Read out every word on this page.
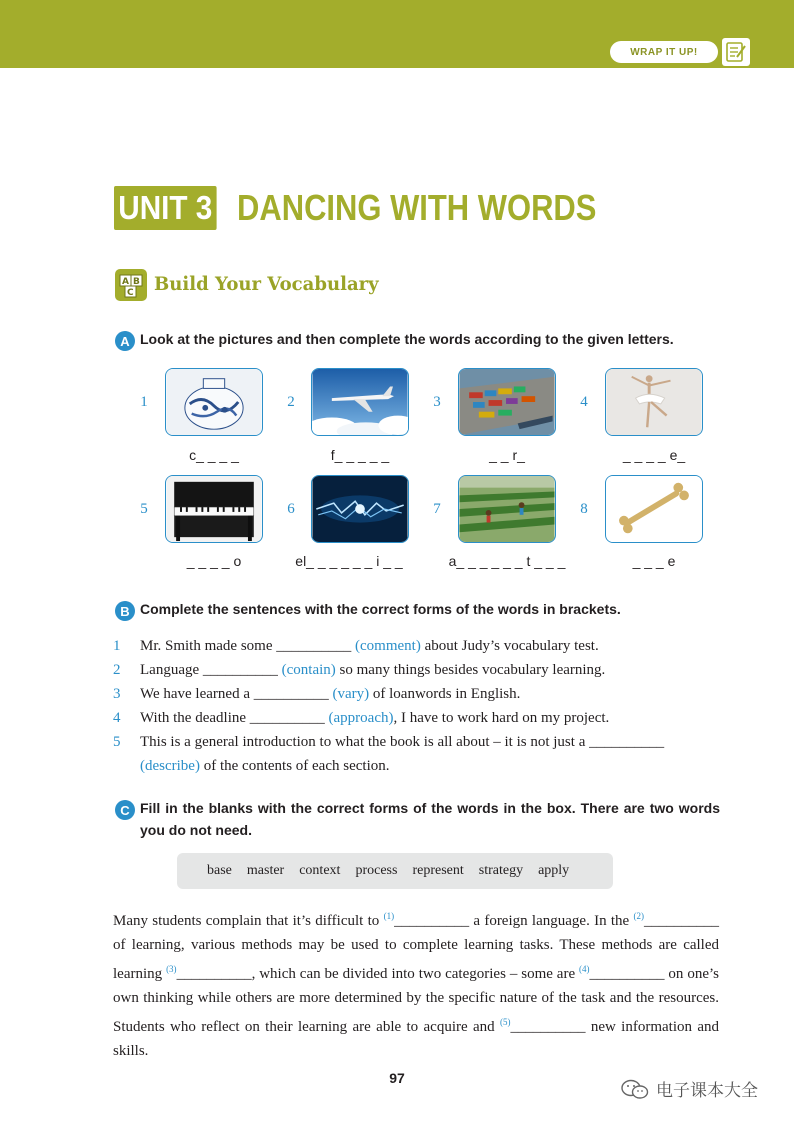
WRAP IT UP!
UNIT 3 DANCING WITH WORDS
A B
C Build Your Vocabulary
A Look at the pictures and then complete the words according to the given letters.
1	2	3	4
c_ _ _ _	f_ _ _ _ _	_ _ r_	_ _ _ _ e_
5	6	7	8
_ _ _ _ o	el_ _ _ _ _ _ i _ _	a_ _ _ _ _ _ t _ _ _	_ _ _ e
B Complete the sentences with the correct forms of the words in brackets.
1 Mr. Smith made some __________ (comment) about Judy’s vocabulary test.
2 Language __________ (contain) so many things besides vocabulary learning.
3 We have learned a __________ (vary) of loanwords in English.
4 With the deadline __________ (approach), I have to work hard on my project.
5 This is a general introduction to what the book is all about – it is not just a __________
(describe) of the contents of each section.
C Fill in the blanks with the correct forms of the words in the box. There are two words you do not need.
base master context process represent strategy apply
Many students complain that it’s difficult to $^{(1)}$__________ a foreign language. In the $^{(2)}$__________ of learning, various methods may be used to complete learning tasks. These methods are called learning $^{(3)}$__________, which can be divided into two categories – some are $^{(4)}$__________ on one’s own thinking while others are more determined by the specific nature of the task and the resources. Students who reflect on their learning are able to acquire and $^{(5)}$__________ new information and skills.
97
电子课本大全
